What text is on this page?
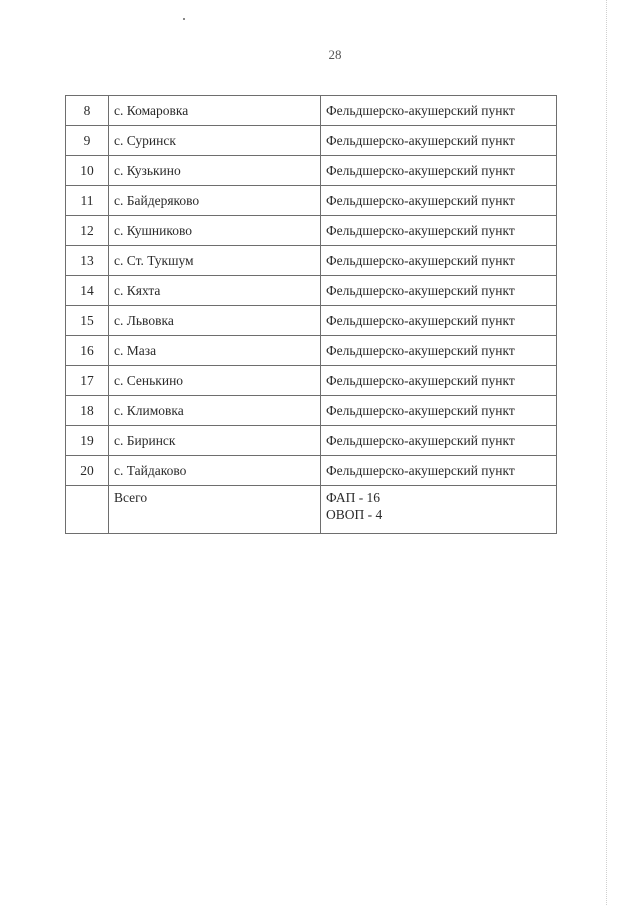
28
8	с. Комаровка	Фельдшерско-акушерский пункт
9	с. Суринск	Фельдшерско-акушерский пункт
10	с. Кузькино	Фельдшерско-акушерский пункт
11	с. Байдеряково	Фельдшерско-акушерский пункт
12	с. Кушниково	Фельдшерско-акушерский пункт
13	с. Ст. Тукшум	Фельдшерско-акушерский пункт
14	с. Кяхта	Фельдшерско-акушерский пункт
15	с. Львовка	Фельдшерско-акушерский пункт
16	с. Маза	Фельдшерско-акушерский пункт
17	с. Сенькино	Фельдшерско-акушерский пункт
18	с. Климовка	Фельдшерско-акушерский пункт
19	с. Биринск	Фельдшерско-акушерский пункт
20	с. Тайдаково	Фельдшерско-акушерский пункт
	Всего	ФАП - 16
ОВОП - 4
